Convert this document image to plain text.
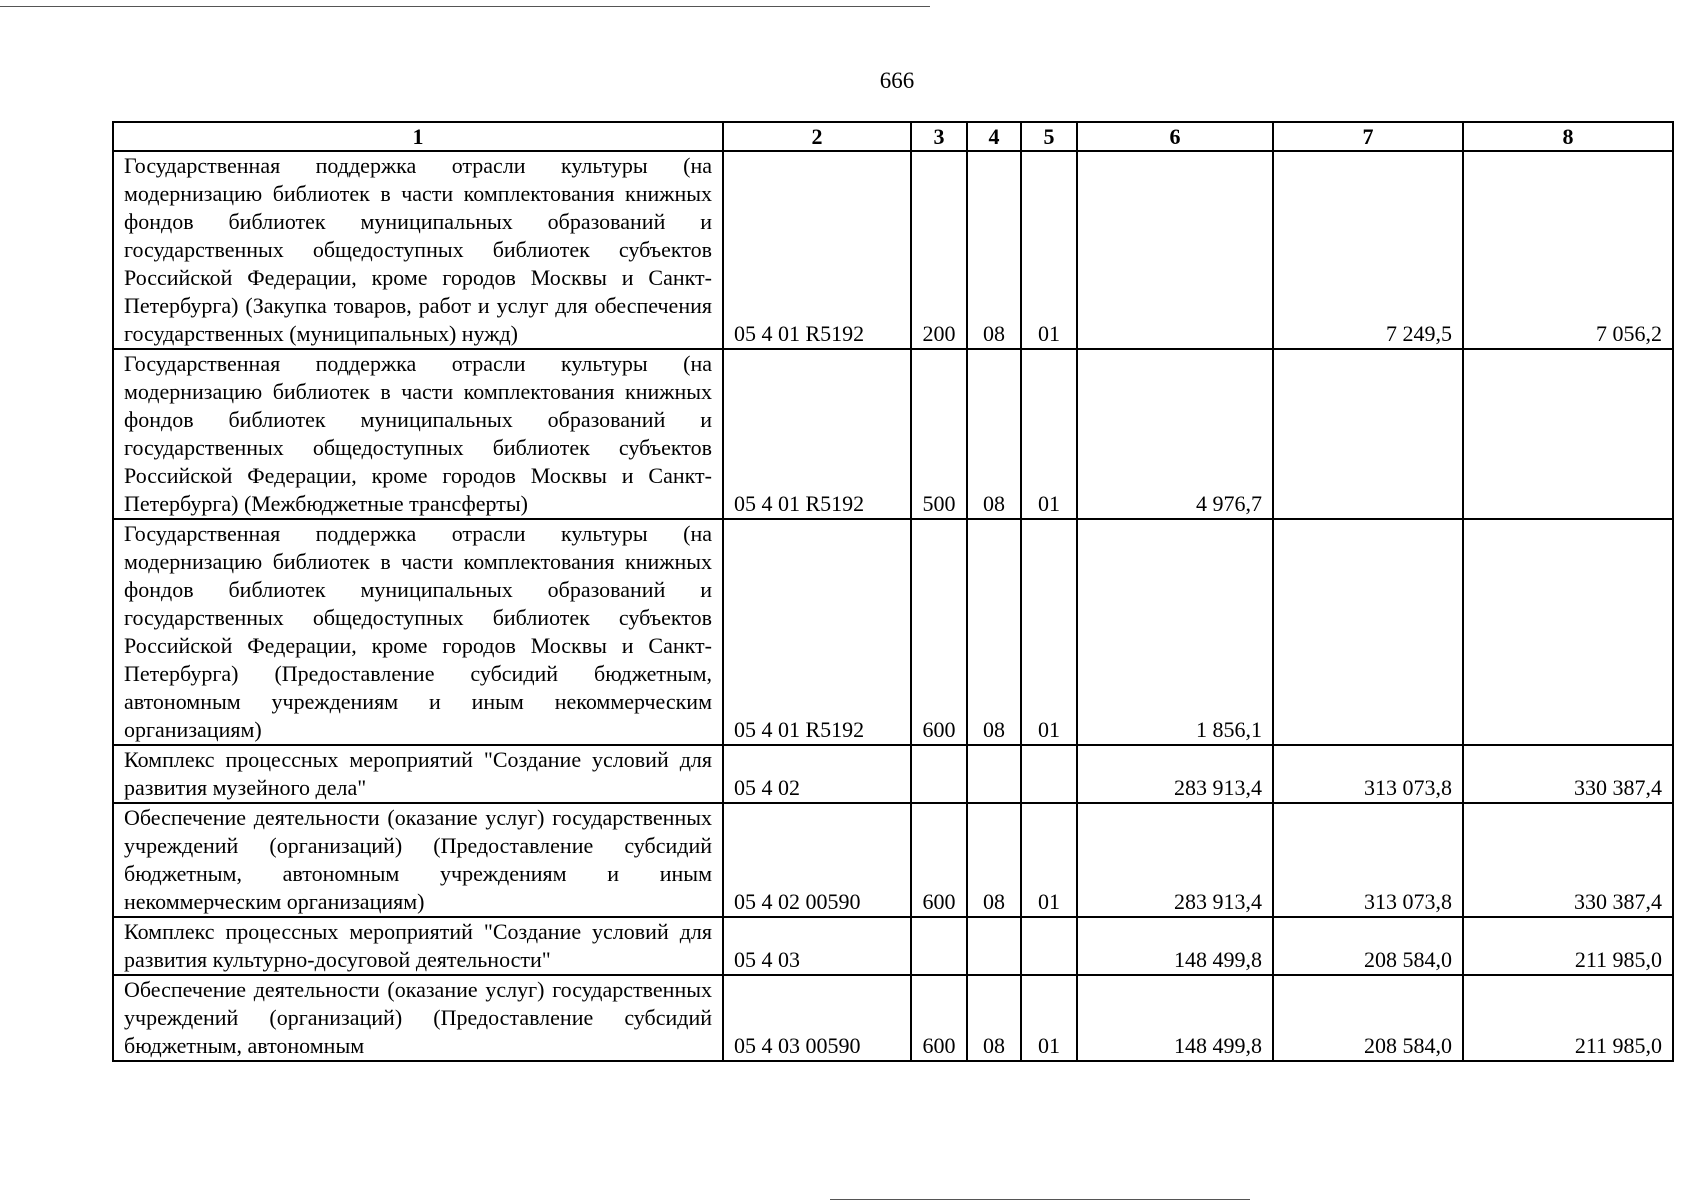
666
1	2	3	4	5	6	7	8
Государственная поддержка отрасли культуры (на модернизацию библиотек в части комплектования книжных фондов библиотек муниципальных образований и государственных общедоступных библиотек субъектов Российской Федерации, кроме городов Москвы и Санкт-Петербурга) (Закупка товаров, работ и услуг для обеспечения государственных (муниципальных) нужд)	05 4 01 R5192	200	08	01		7 249,5	7 056,2
Государственная поддержка отрасли культуры (на модернизацию библиотек в части комплектования книжных фондов библиотек муниципальных образований и государственных общедоступных библиотек субъектов Российской Федерации, кроме городов Москвы и Санкт-Петербурга) (Межбюджетные трансферты)	05 4 01 R5192	500	08	01	4 976,7		
Государственная поддержка отрасли культуры (на модернизацию библиотек в части комплектования книжных фондов библиотек муниципальных образований и государственных общедоступных библиотек субъектов Российской Федерации, кроме городов Москвы и Санкт-Петербурга) (Предоставление субсидий бюджетным, автономным учреждениям и иным некоммерческим организациям)	05 4 01 R5192	600	08	01	1 856,1		
Комплекс процессных мероприятий "Создание условий для развития музейного дела"	05 4 02				283 913,4	313 073,8	330 387,4
Обеспечение деятельности (оказание услуг) государственных учреждений (организаций) (Предоставление субсидий бюджетным, автономным учреждениям и иным некоммерческим организациям)	05 4 02 00590	600	08	01	283 913,4	313 073,8	330 387,4
Комплекс процессных мероприятий "Создание условий для развития культурно-досуговой деятельности"	05 4 03				148 499,8	208 584,0	211 985,0
Обеспечение деятельности (оказание услуг) государственных учреждений (организаций) (Предоставление субсидий бюджетным, автономным	05 4 03 00590	600	08	01	148 499,8	208 584,0	211 985,0
